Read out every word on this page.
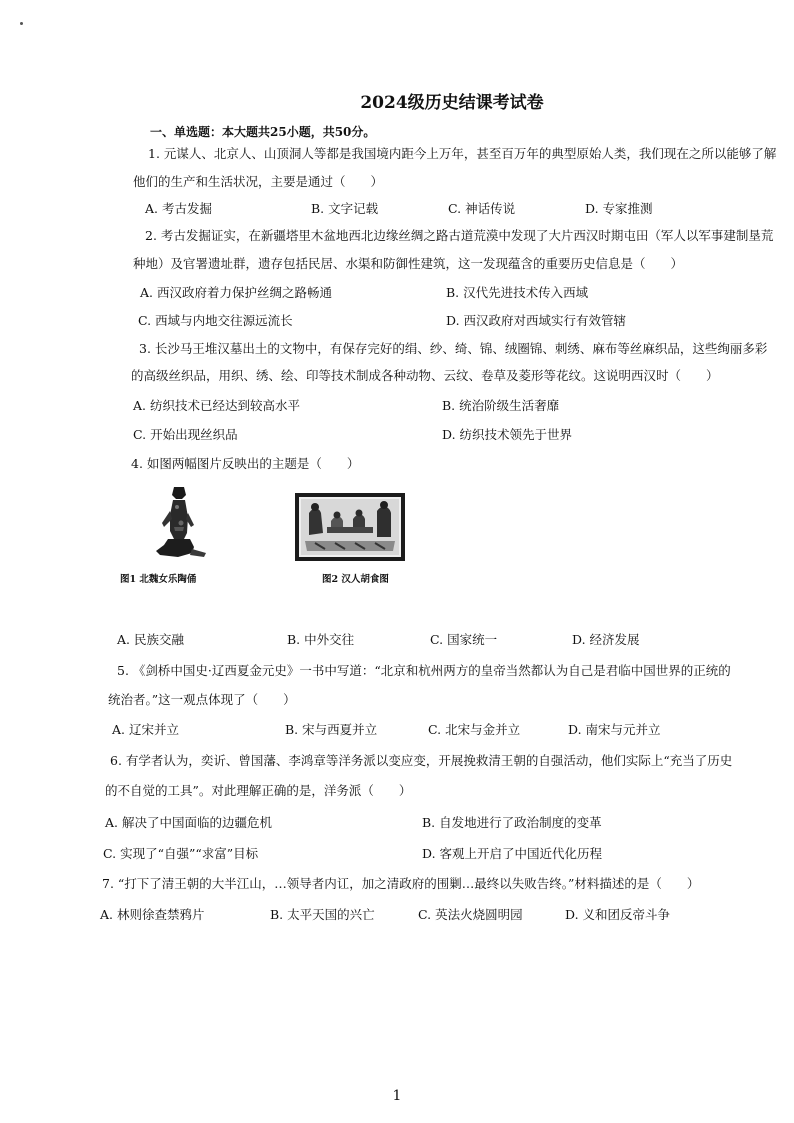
2024级历史结课考试卷
一、单选题：本大题共25小题，共50分。
1. 元谋人、北京人、山顶洞人等都是我国境内距今上万年，甚至百万年的典型原始人类，我们现在之所以能够了解
他们的生产和生活状况，主要是通过（　　）
A. 考古发掘	B. 文字记载	C. 神话传说	D. 专家推测
2. 考古发掘证实，在新疆塔里木盆地西北边缘丝绸之路古道荒漠中发现了大片西汉时期屯田（军人以军事建制垦荒
种地）及官署遗址群，遗存包括民居、水渠和防御性建筑，这一发现蕴含的重要历史信息是（　　）
A. 西汉政府着力保护丝绸之路畅通	B. 汉代先进技术传入西域
C. 西域与内地交往源远流长	D. 西汉政府对西域实行有效管辖
3. 长沙马王堆汉墓出土的文物中，有保存完好的绢、纱、绮、锦、绒圈锦、刺绣、麻布等丝麻织品，这些绚丽多彩
的高级丝织品，用织、绣、绘、印等技术制成各种动物、云纹、卷草及菱形等花纹。这说明西汉时（　　）
A. 纺织技术已经达到较高水平	B. 统治阶级生活奢靡
C. 开始出现丝织品	D. 纺织技术领先于世界
4. 如图两幅图片反映出的主题是（　　）
图1 北魏女乐陶俑	图2 汉人胡食图
A. 民族交融	B. 中外交往	C. 国家统一	D. 经济发展
5. 《剑桥中国史·辽西夏金元史》一书中写道：“北京和杭州两方的皇帝当然都认为自己是君临中国世界的正统的
统治者。”这一观点体现了（　　）
A. 辽宋并立	B. 宋与西夏并立	C. 北宋与金并立	D. 南宋与元并立
6. 有学者认为，奕䜣、曾国藩、李鸿章等洋务派以变应变，开展挽救清王朝的自强活动，他们实际上“充当了历史
的不自觉的工具”。对此理解正确的是，洋务派（　　）
A. 解决了中国面临的边疆危机	B. 自发地进行了政治制度的变革
C. 实现了“自强”“求富”目标	D. 客观上开启了中国近代化历程
7. “打下了清王朝的大半江山，…领导者内讧，加之清政府的围剿…最终以失败告终。”材料描述的是（　　）
A. 林则徐查禁鸦片	B. 太平天国的兴亡	C. 英法火烧圆明园	D. 义和团反帝斗争
1
